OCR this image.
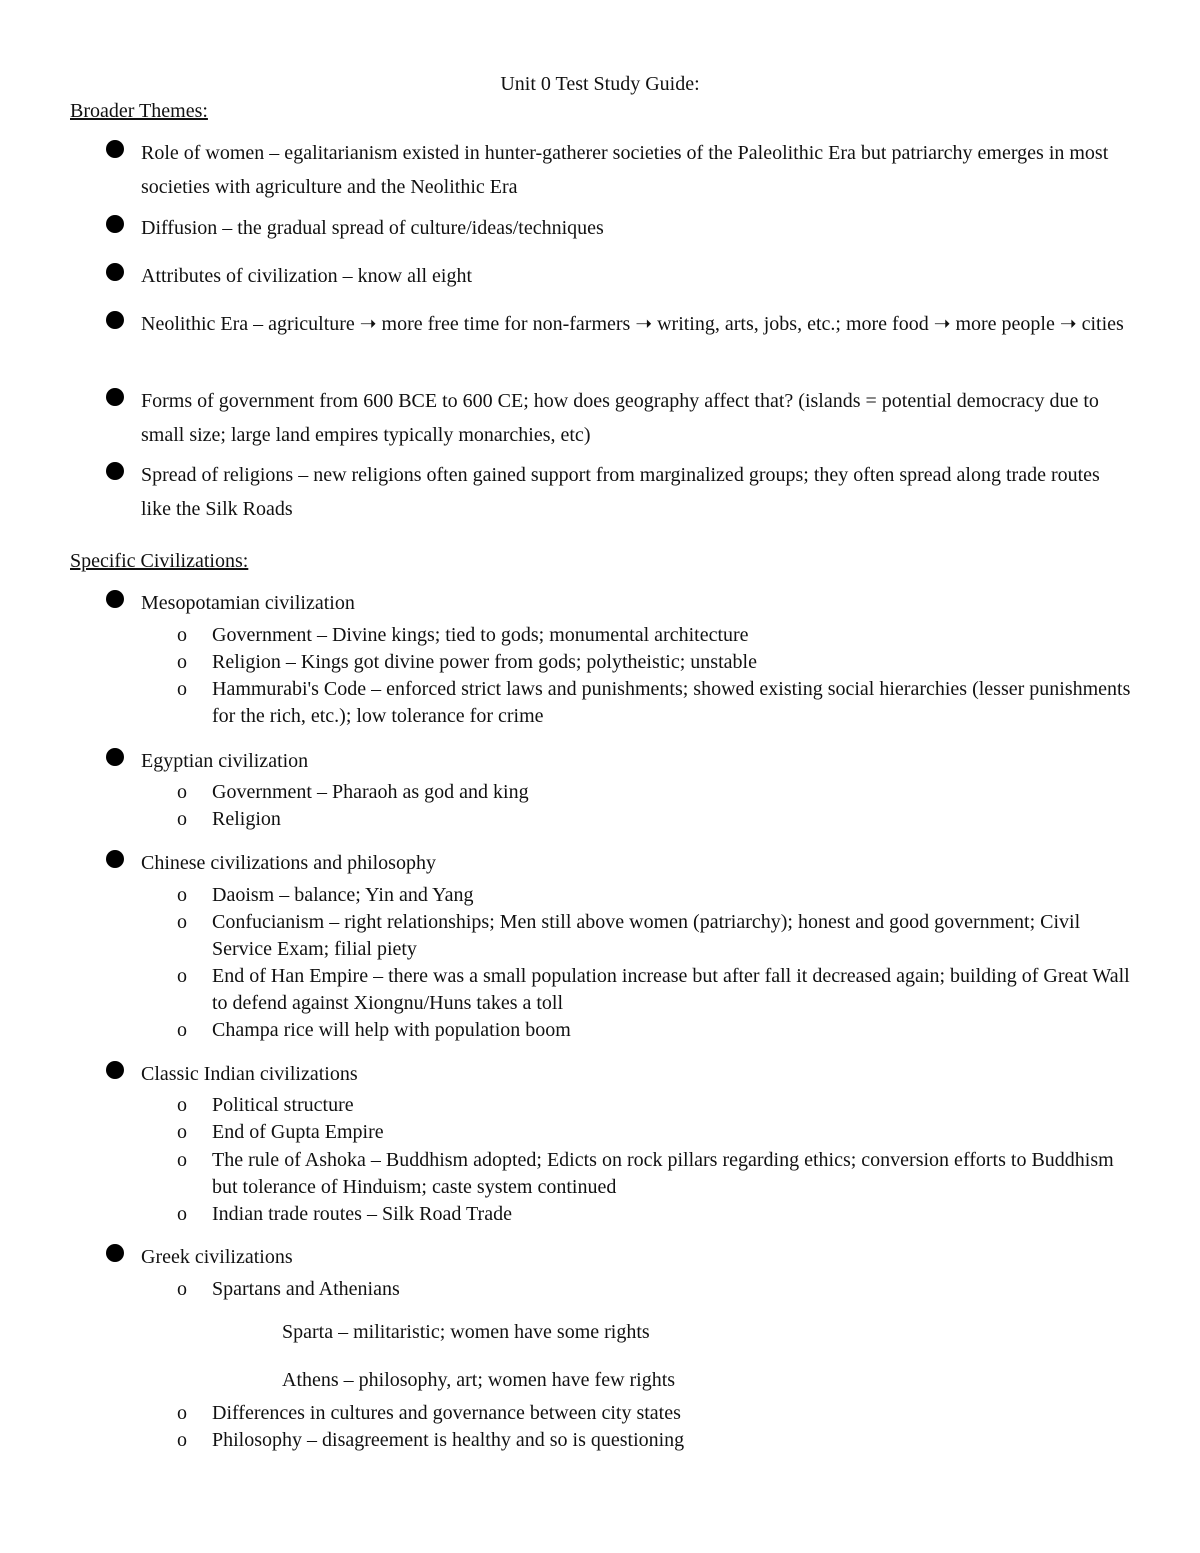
Unit 0 Test Study Guide:
Broader Themes:
Role of women – egalitarianism existed in hunter-gatherer societies of the Paleolithic Era but patriarchy emerges in most societies with agriculture and the Neolithic Era
Diffusion – the gradual spread of culture/ideas/techniques
Attributes of civilization – know all eight
Neolithic Era – agriculture ➝ more free time for non-farmers ➝ writing, arts, jobs, etc.; more food ➝ more people ➝ cities
Forms of government from 600 BCE to 600 CE; how does geography affect that? (islands = potential democracy due to small size; large land empires typically monarchies, etc)
Spread of religions – new religions often gained support from marginalized groups; they often spread along trade routes like the Silk Roads
Specific Civilizations:
Mesopotamian civilization
o Government – Divine kings; tied to gods; monumental architecture
o Religion – Kings got divine power from gods; polytheistic; unstable
o Hammurabi's Code – enforced strict laws and punishments; showed existing social hierarchies (lesser punishments for the rich, etc.); low tolerance for crime
Egyptian civilization
o Government – Pharaoh as god and king
o Religion
Chinese civilizations and philosophy
o Daoism – balance; Yin and Yang
o Confucianism – right relationships; Men still above women (patriarchy); honest and good government; Civil Service Exam; filial piety
o End of Han Empire – there was a small population increase but after fall it decreased again; building of Great Wall to defend against Xiongnu/Huns takes a toll
o Champa rice will help with population boom
Classic Indian civilizations
o Political structure
o End of Gupta Empire
o The rule of Ashoka – Buddhism adopted; Edicts on rock pillars regarding ethics; conversion efforts to Buddhism but tolerance of Hinduism; caste system continued
o Indian trade routes – Silk Road Trade
Greek civilizations
o Spartans and Athenians
Sparta – militaristic; women have some rights
Athens – philosophy, art; women have few rights
o Differences in cultures and governance between city states
o Philosophy – disagreement is healthy and so is questioning
